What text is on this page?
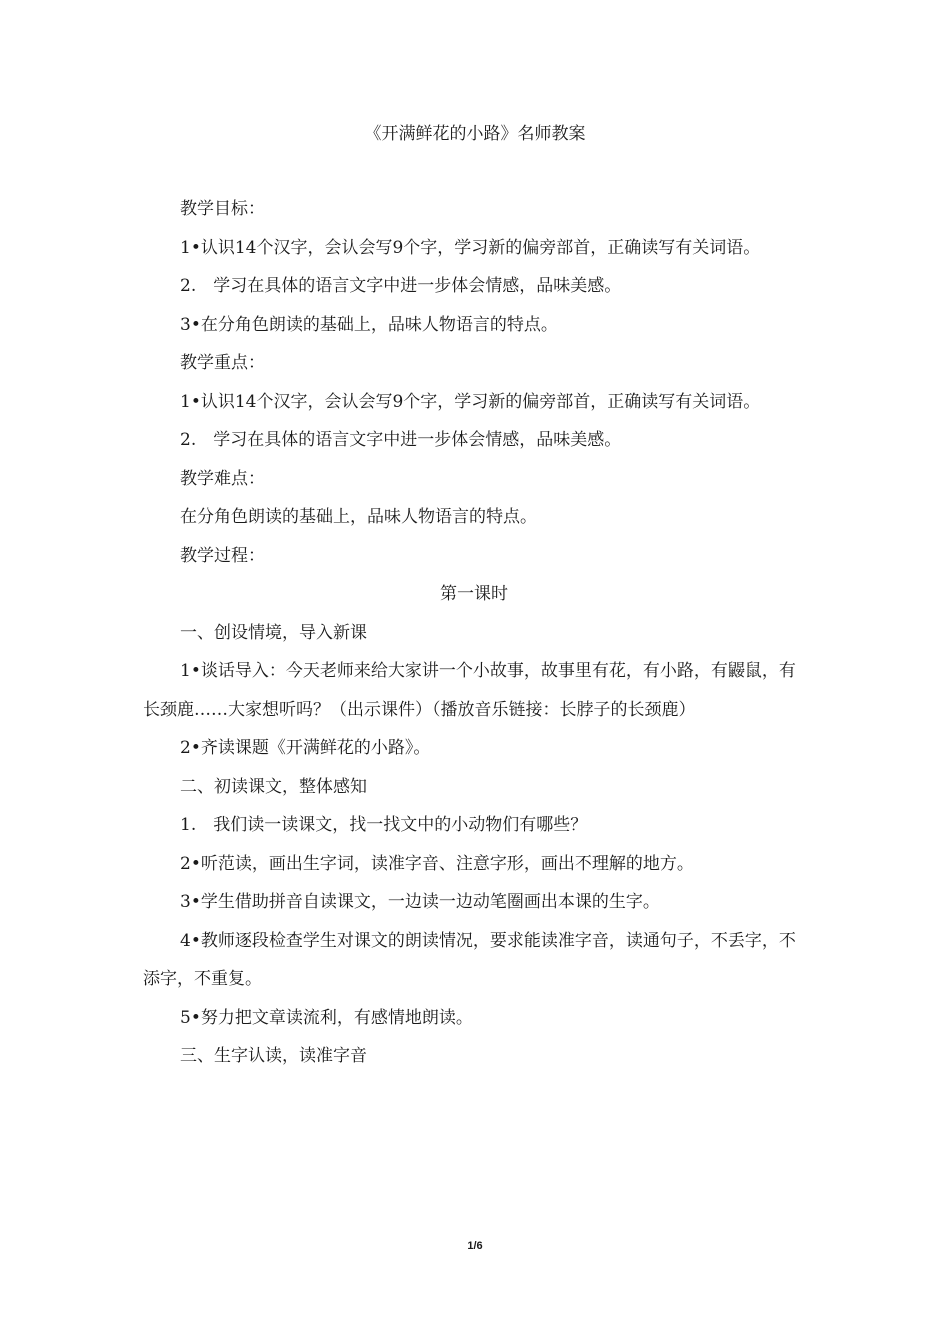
《开满鲜花的小路》名师教案

教学目标：

1•认识14个汉字，会认会写9个字，学习新的偏旁部首，正确读写有关词语。

2.　学习在具体的语言文字中进一步体会情感，品味美感。

3•在分角色朗读的基础上，品味人物语言的特点。

教学重点：

1•认识14个汉字，会认会写9个字，学习新的偏旁部首，正确读写有关词语。

2.　学习在具体的语言文字中进一步体会情感，品味美感。

教学难点：

在分角色朗读的基础上，品味人物语言的特点。

教学过程：

第一课时

一、创设情境，导入新课

1•谈话导入：今天老师来给大家讲一个小故事，故事里有花，有小路，有鼹鼠，有长颈鹿……大家想听吗？（出示课件）（播放音乐链接：长脖子的长颈鹿）

2•齐读课题《开满鲜花的小路》。

二、初读课文，整体感知

1.　我们读一读课文，找一找文中的小动物们有哪些？

2•听范读，画出生字词，读准字音、注意字形，画出不理解的地方。

3•学生借助拼音自读课文，一边读一边动笔圈画出本课的生字。

4•教师逐段检查学生对课文的朗读情况，要求能读准字音，读通句子，不丢字，不添字，不重复。

5•努力把文章读流利，有感情地朗读。

三、生字认读，读准字音

1/6
